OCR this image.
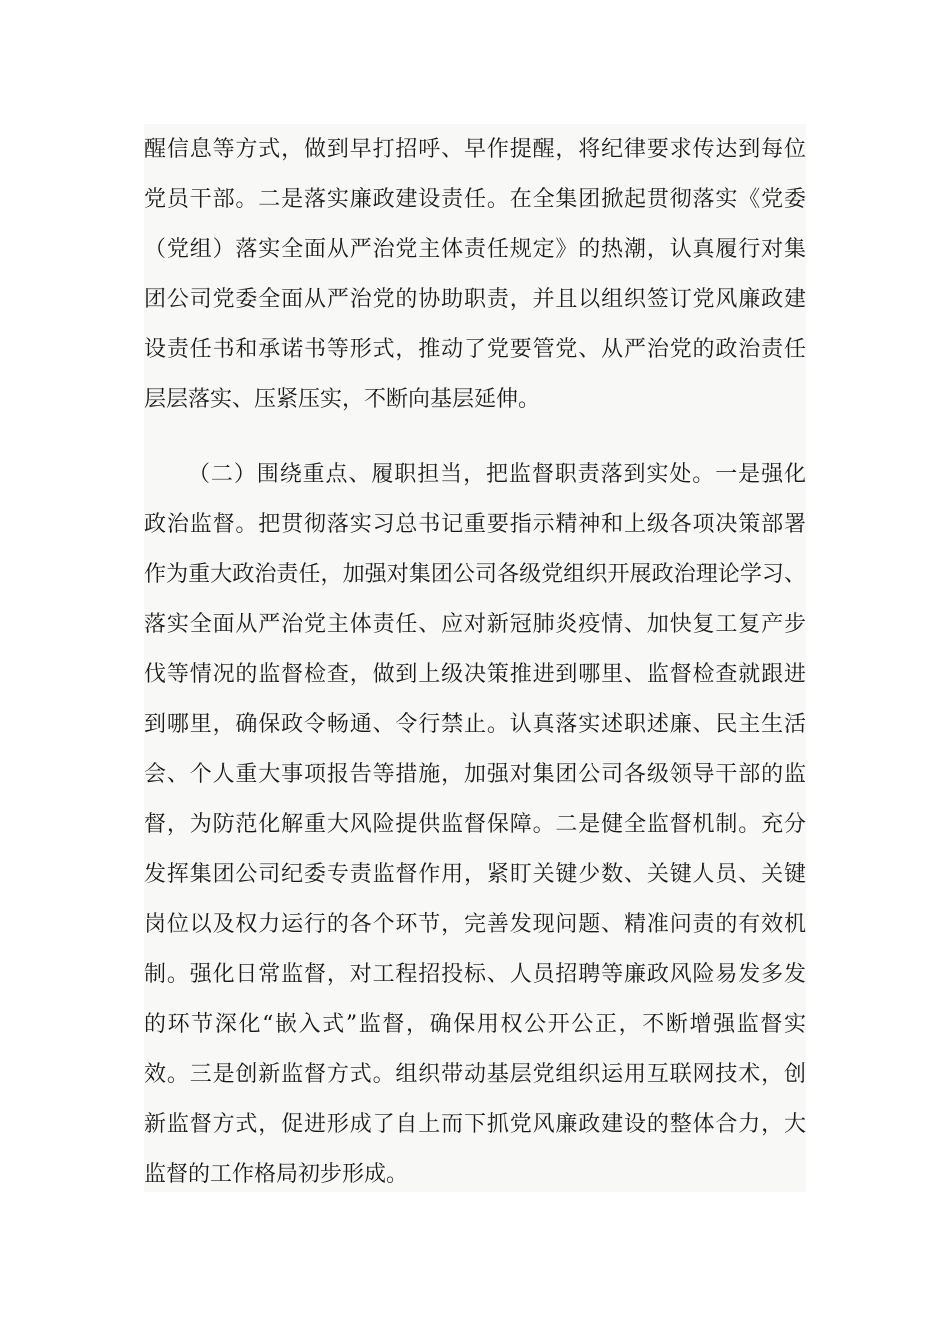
醒信息等方式，做到早打招呼、早作提醒，将纪律要求传达到每位
党员干部。二是落实廉政建设责任。在全集团掀起贯彻落实《党委
（党组）落实全面从严治党主体责任规定》的热潮，认真履行对集
团公司党委全面从严治党的协助职责，并且以组织签订党风廉政建
设责任书和承诺书等形式，推动了党要管党、从严治党的政治责任
层层落实、压紧压实，不断向基层延伸。
（二）围绕重点、履职担当，把监督职责落到实处。一是强化
政治监督。把贯彻落实习总书记重要指示精神和上级各项决策部署
作为重大政治责任，加强对集团公司各级党组织开展政治理论学习、
落实全面从严治党主体责任、应对新冠肺炎疫情、加快复工复产步
伐等情况的监督检查，做到上级决策推进到哪里、监督检查就跟进
到哪里，确保政令畅通、令行禁止。认真落实述职述廉、民主生活
会、个人重大事项报告等措施，加强对集团公司各级领导干部的监
督，为防范化解重大风险提供监督保障。二是健全监督机制。充分
发挥集团公司纪委专责监督作用，紧盯关键少数、关键人员、关键
岗位以及权力运行的各个环节，完善发现问题、精准问责的有效机
制。强化日常监督，对工程招投标、人员招聘等廉政风险易发多发
的环节深化“嵌入式”监督，确保用权公开公正，不断增强监督实
效。三是创新监督方式。组织带动基层党组织运用互联网技术，创
新监督方式，促进形成了自上而下抓党风廉政建设的整体合力，大
监督的工作格局初步形成。
